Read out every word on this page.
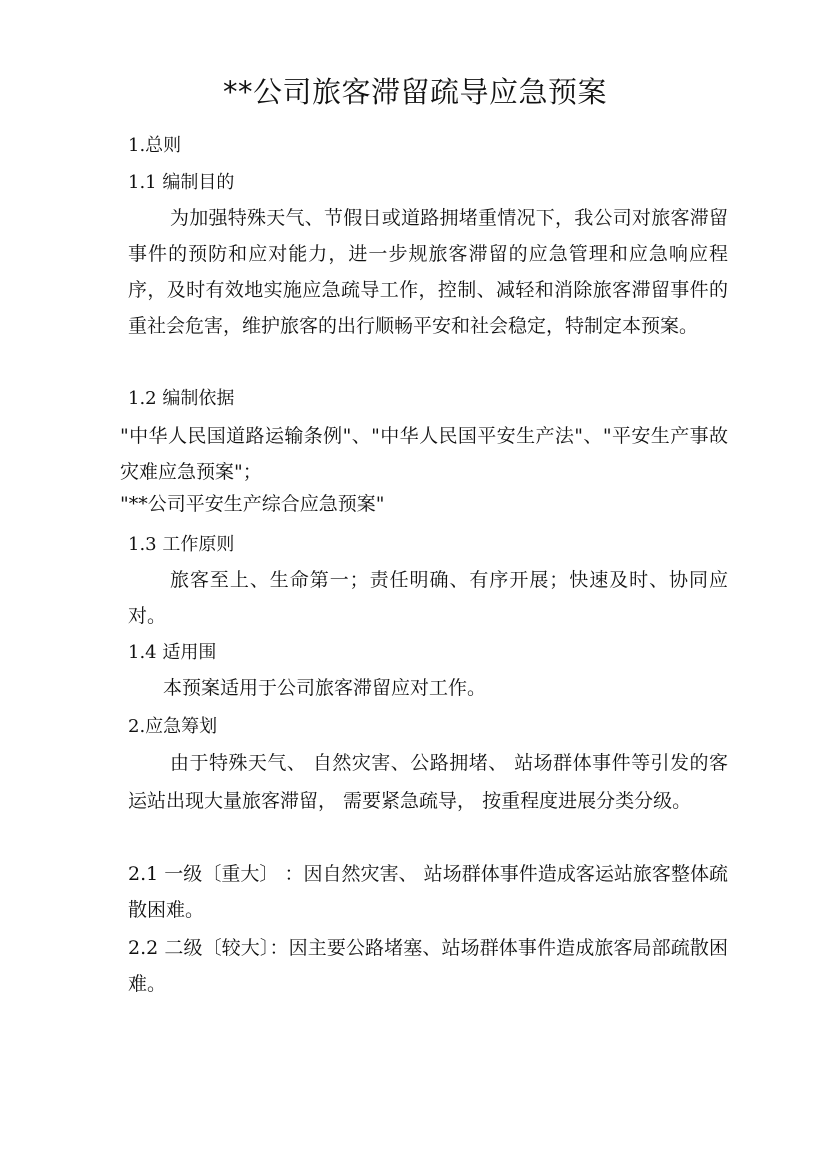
**公司旅客滞留疏导应急预案
1.总则
1.1 编制目的
为加强特殊天气、节假日或道路拥堵重情况下，我公司对旅客滞留事件的预防和应对能力，进一步规旅客滞留的应急管理和应急响应程序，及时有效地实施应急疏导工作，控制、减轻和消除旅客滞留事件的重社会危害，维护旅客的出行顺畅平安和社会稳定，特制定本预案。
1.2 编制依据
"中华人民国道路运输条例"、"中华人民国平安生产法"、"平安生产事故灾难应急预案"；
"**公司平安生产综合应急预案"
1.3 工作原则
旅客至上、生命第一；责任明确、有序开展；快速及时、协同应对。
1.4 适用围
本预案适用于公司旅客滞留应对工作。
2.应急筹划
由于特殊天气、 自然灾害、公路拥堵、 站场群体事件等引发的客运站出现大量旅客滞留， 需要紧急疏导， 按重程度进展分类分级。
2.1 一级〔重大〕 ：因自然灾害、 站场群体事件造成客运站旅客整体疏散困难。
2.2 二级〔较大〕：因主要公路堵塞、站场群体事件造成旅客局部疏散困难。
